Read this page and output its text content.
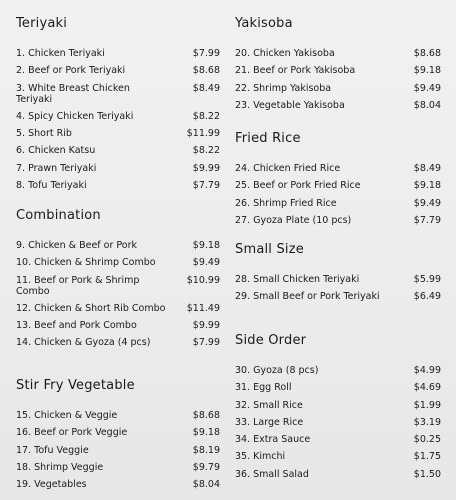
Teriyaki
1. Chicken Teriyaki	$7.99
2. Beef or Pork Teriyaki	$8.68
3. White Breast Chicken Teriyaki
$8.49
4. Spicy Chicken Teriyaki	$8.22
5. Short Rib	$11.99
6. Chicken Katsu	$8.22
7. Prawn Teriyaki	$9.99
8. Tofu Teriyaki	$7.79
Combination
9. Chicken & Beef or Pork	$9.18
10. Chicken & Shrimp Combo	$9.49
11. Beef or Pork & Shrimp Combo
$10.99
12. Chicken & Short Rib Combo	$11.49
13. Beef and Pork Combo	$9.99
14. Chicken & Gyoza (4 pcs)	$7.99
Stir Fry Vegetable
15. Chicken & Veggie	$8.68
16. Beef or Pork Veggie	$9.18
17. Tofu Veggie	$8.19
18. Shrimp Veggie	$9.79
19. Vegetables	$8.04
Yakisoba
20. Chicken Yakisoba	$8.68
21. Beef or Pork Yakisoba	$9.18
22. Shrimp Yakisoba	$9.49
23. Vegetable Yakisoba	$8.04
Fried Rice
24. Chicken Fried Rice	$8.49
25. Beef or Pork Fried Rice	$9.18
26. Shrimp Fried Rice	$9.49
27. Gyoza Plate (10 pcs)	$7.79
Small Size
28. Small Chicken Teriyaki	$5.99
29. Small Beef or Pork Teriyaki	$6.49
Side Order
30. Gyoza (8 pcs)	$4.99
31. Egg Roll	$4.69
32. Small Rice	$1.99
33. Large Rice	$3.19
34. Extra Sauce	$0.25
35. Kimchi	$1.75
36. Small Salad	$1.50
